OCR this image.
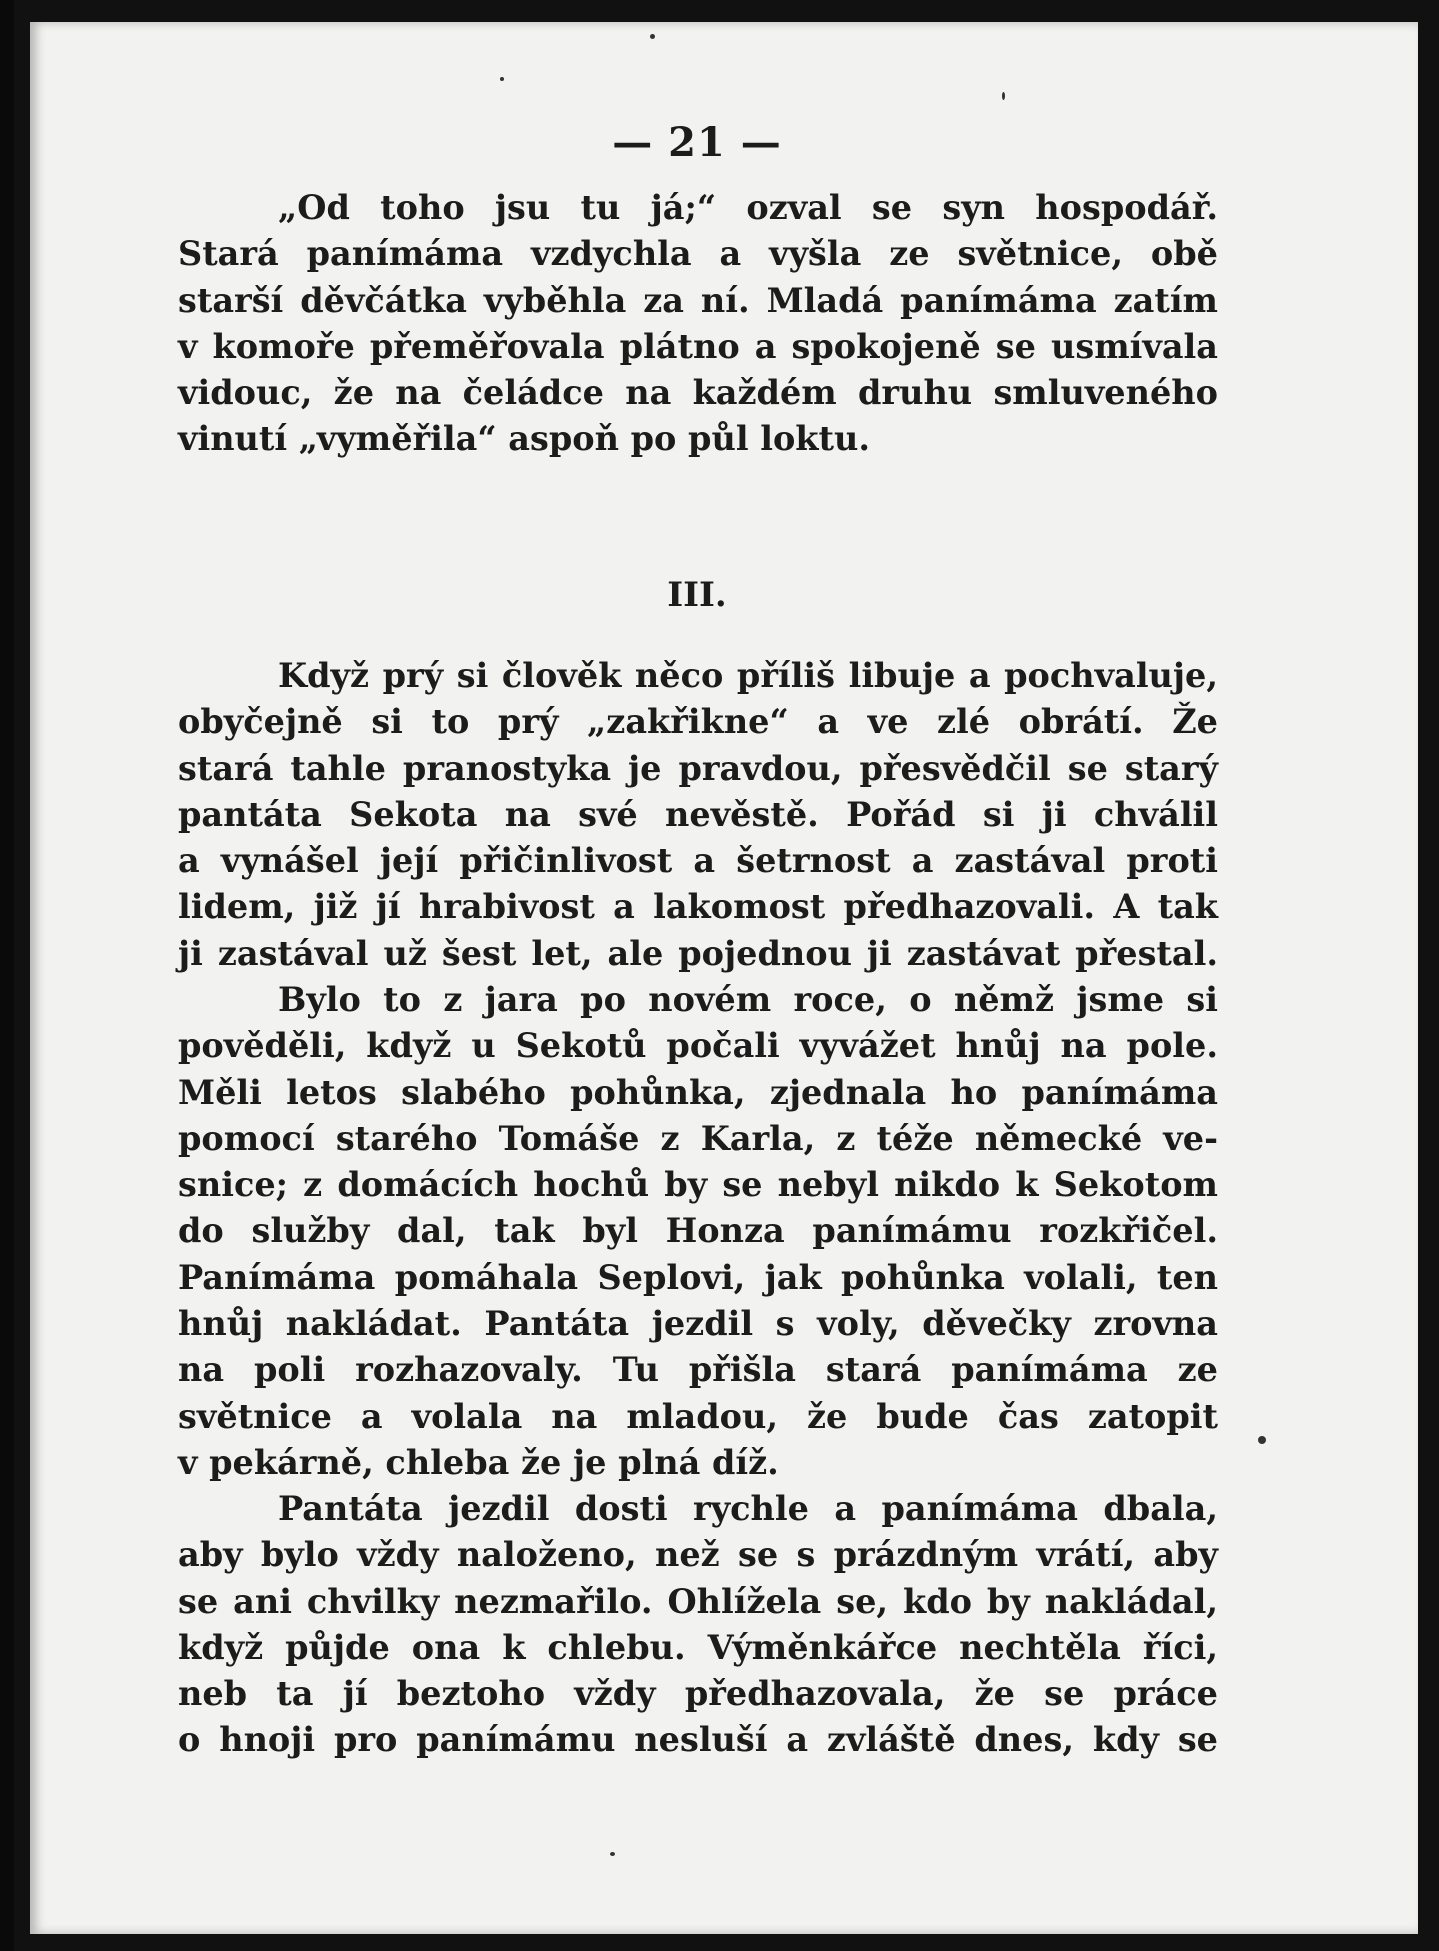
— 21 —
„Od toho jsu tu já;“ ozval se syn hospodář.
Stará panímáma vzdychla a vyšla ze světnice, obě
starší děvčátka vyběhla za ní. Mladá panímáma zatím
v komoře přeměřovala plátno a spokojeně se usmívala
vidouc, že na čeládce na každém druhu smluveného
vinutí „vyměřila“ aspoň po půl loktu.
III.
Když prý si člověk něco příliš libuje a pochvaluje,
obyčejně si to prý „zakřikne“ a ve zlé obrátí. Že
stará tahle pranostyka je pravdou, přesvědčil se starý
pantáta Sekota na své nevěstě. Pořád si ji chválil
a vynášel její přičinlivost a šetrnost a zastával proti
lidem, již jí hrabivost a lakomost předhazovali. A tak
ji zastával už šest let, ale pojednou ji zastávat přestal.
Bylo to z jara po novém roce, o němž jsme si
pověděli, když u Sekotů počali vyvážet hnůj na pole.
Měli letos slabého pohůnka, zjednala ho panímáma
pomocí starého Tomáše z Karla, z téže německé ve-
snice; z domácích hochů by se nebyl nikdo k Sekotom
do služby dal, tak byl Honza panímámu rozkřičel.
Panímáma pomáhala Seplovi, jak pohůnka volali, ten
hnůj nakládat. Pantáta jezdil s voly, děvečky zrovna
na poli rozhazovaly. Tu přišla stará panímáma ze
světnice a volala na mladou, že bude čas zatopit
v pekárně, chleba že je plná díž.
Pantáta jezdil dosti rychle a panímáma dbala,
aby bylo vždy naloženo, než se s prázdným vrátí, aby
se ani chvilky nezmařilo. Ohlížela se, kdo by nakládal,
když půjde ona k chlebu. Výměnkářce nechtěla říci,
neb ta jí beztoho vždy předhazovala, že se práce
o hnoji pro panímámu nesluší a zvláště dnes, kdy se
